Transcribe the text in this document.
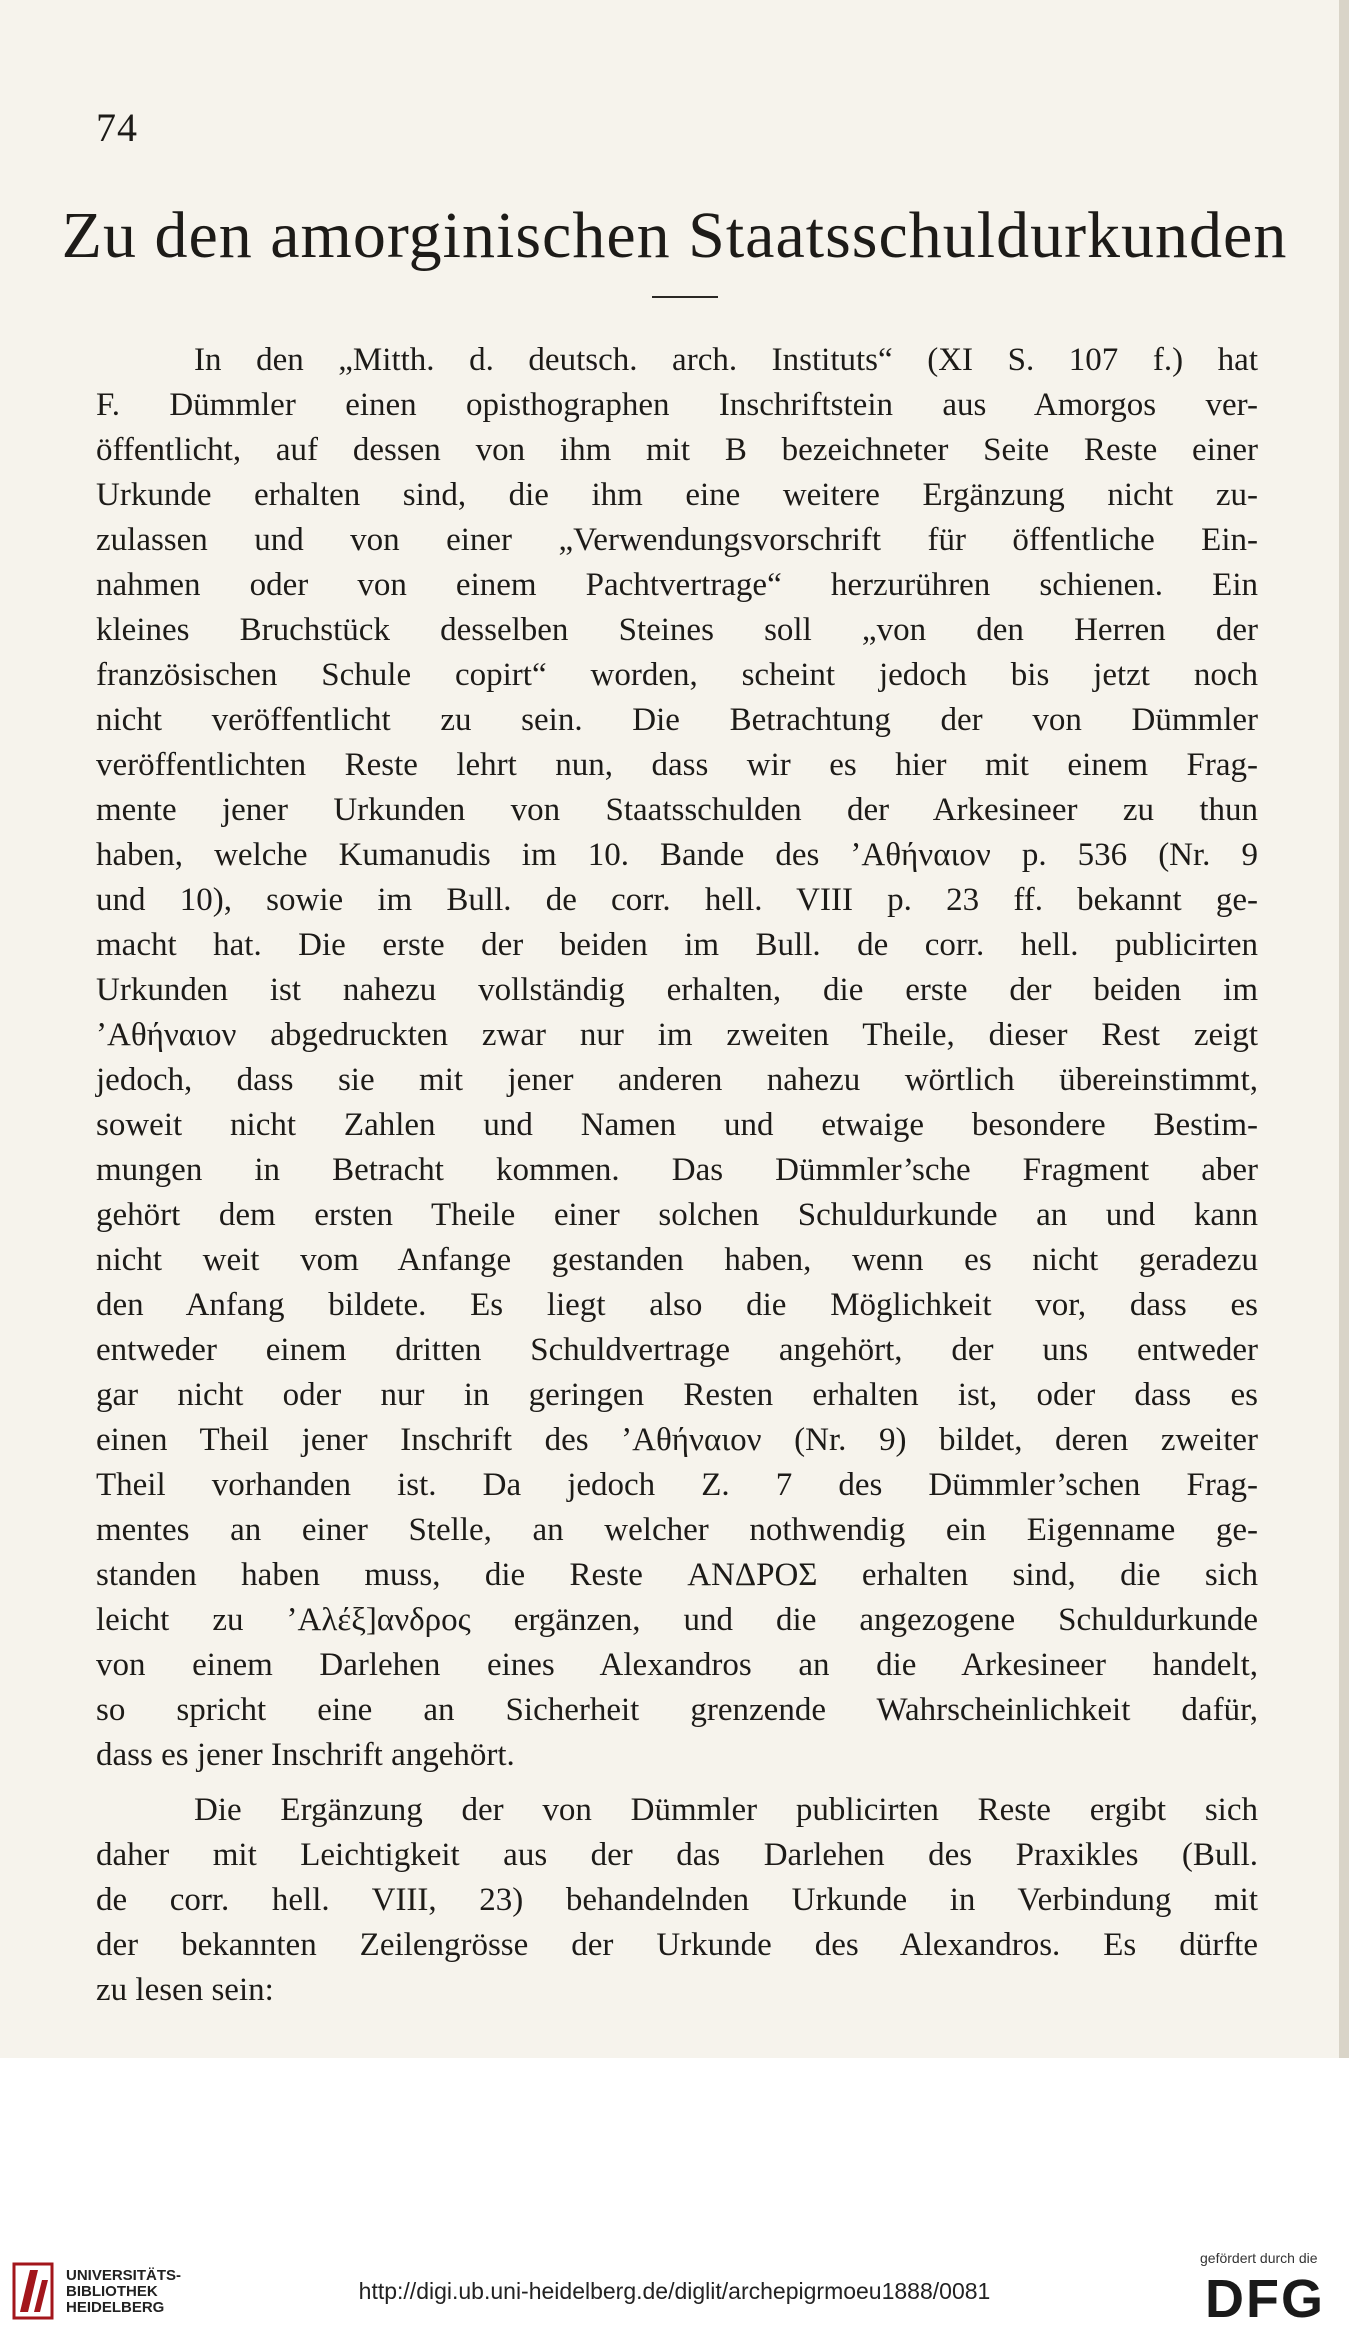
74
Zu den amorginischen Staatsschuldurkunden
In den „Mitth. d. deutsch. arch. Instituts“ (XI S. 107 f.) hat
F. Dümmler einen opisthographen Inschriftstein aus Amorgos ver-
öffentlicht, auf dessen von ihm mit B bezeichneter Seite Reste einer
Urkunde erhalten sind, die ihm eine weitere Ergänzung nicht zu-
zulassen und von einer „Verwendungsvorschrift für öffentliche Ein-
nahmen oder von einem Pachtvertrage“ herzurühren schienen. Ein
kleines Bruchstück desselben Steines soll „von den Herren der
französischen Schule copirt“ worden, scheint jedoch bis jetzt noch
nicht veröffentlicht zu sein. Die Betrachtung der von Dümmler
veröffentlichten Reste lehrt nun, dass wir es hier mit einem Frag-
mente jener Urkunden von Staatsschulden der Arkesineer zu thun
haben, welche Kumanudis im 10. Bande des ʼΑθήναιον p. 536 (Nr. 9
und 10), sowie im Bull. de corr. hell. VIII p. 23 ff. bekannt ge-
macht hat. Die erste der beiden im Bull. de corr. hell. publicirten
Urkunden ist nahezu vollständig erhalten, die erste der beiden im
ʼΑθήναιον abgedruckten zwar nur im zweiten Theile, dieser Rest zeigt
jedoch, dass sie mit jener anderen nahezu wörtlich übereinstimmt,
soweit nicht Zahlen und Namen und etwaige besondere Bestim-
mungen in Betracht kommen. Das Dümmler’sche Fragment aber
gehört dem ersten Theile einer solchen Schuldurkunde an und kann
nicht weit vom Anfange gestanden haben, wenn es nicht geradezu
den Anfang bildete. Es liegt also die Möglichkeit vor, dass es
entweder einem dritten Schuldvertrage angehört, der uns entweder
gar nicht oder nur in geringen Resten erhalten ist, oder dass es
einen Theil jener Inschrift des ʼΑθήναιον (Nr. 9) bildet, deren zweiter
Theil vorhanden ist. Da jedoch Z. 7 des Dümmler’schen Frag-
mentes an einer Stelle, an welcher nothwendig ein Eigenname ge-
standen haben muss, die Reste ΑΝΔΡΟΣ erhalten sind, die sich
leicht zu ʼΑλέξ]ανδρος ergänzen, und die angezogene Schuldurkunde
von einem Darlehen eines Alexandros an die Arkesineer handelt,
so spricht eine an Sicherheit grenzende Wahrscheinlichkeit dafür,
dass es jener Inschrift angehört.
Die Ergänzung der von Dümmler publicirten Reste ergibt sich
daher mit Leichtigkeit aus der das Darlehen des Praxikles (Bull.
de corr. hell. VIII, 23) behandelnden Urkunde in Verbindung mit
der bekannten Zeilengrösse der Urkunde des Alexandros. Es dürfte
zu lesen sein:
UNIVERSITÄTS-
BIBLIOTHEK
HEIDELBERG
http://digi.ub.uni-heidelberg.de/diglit/archepigrmoeu1888/0081
gefördert durch die
DFG
